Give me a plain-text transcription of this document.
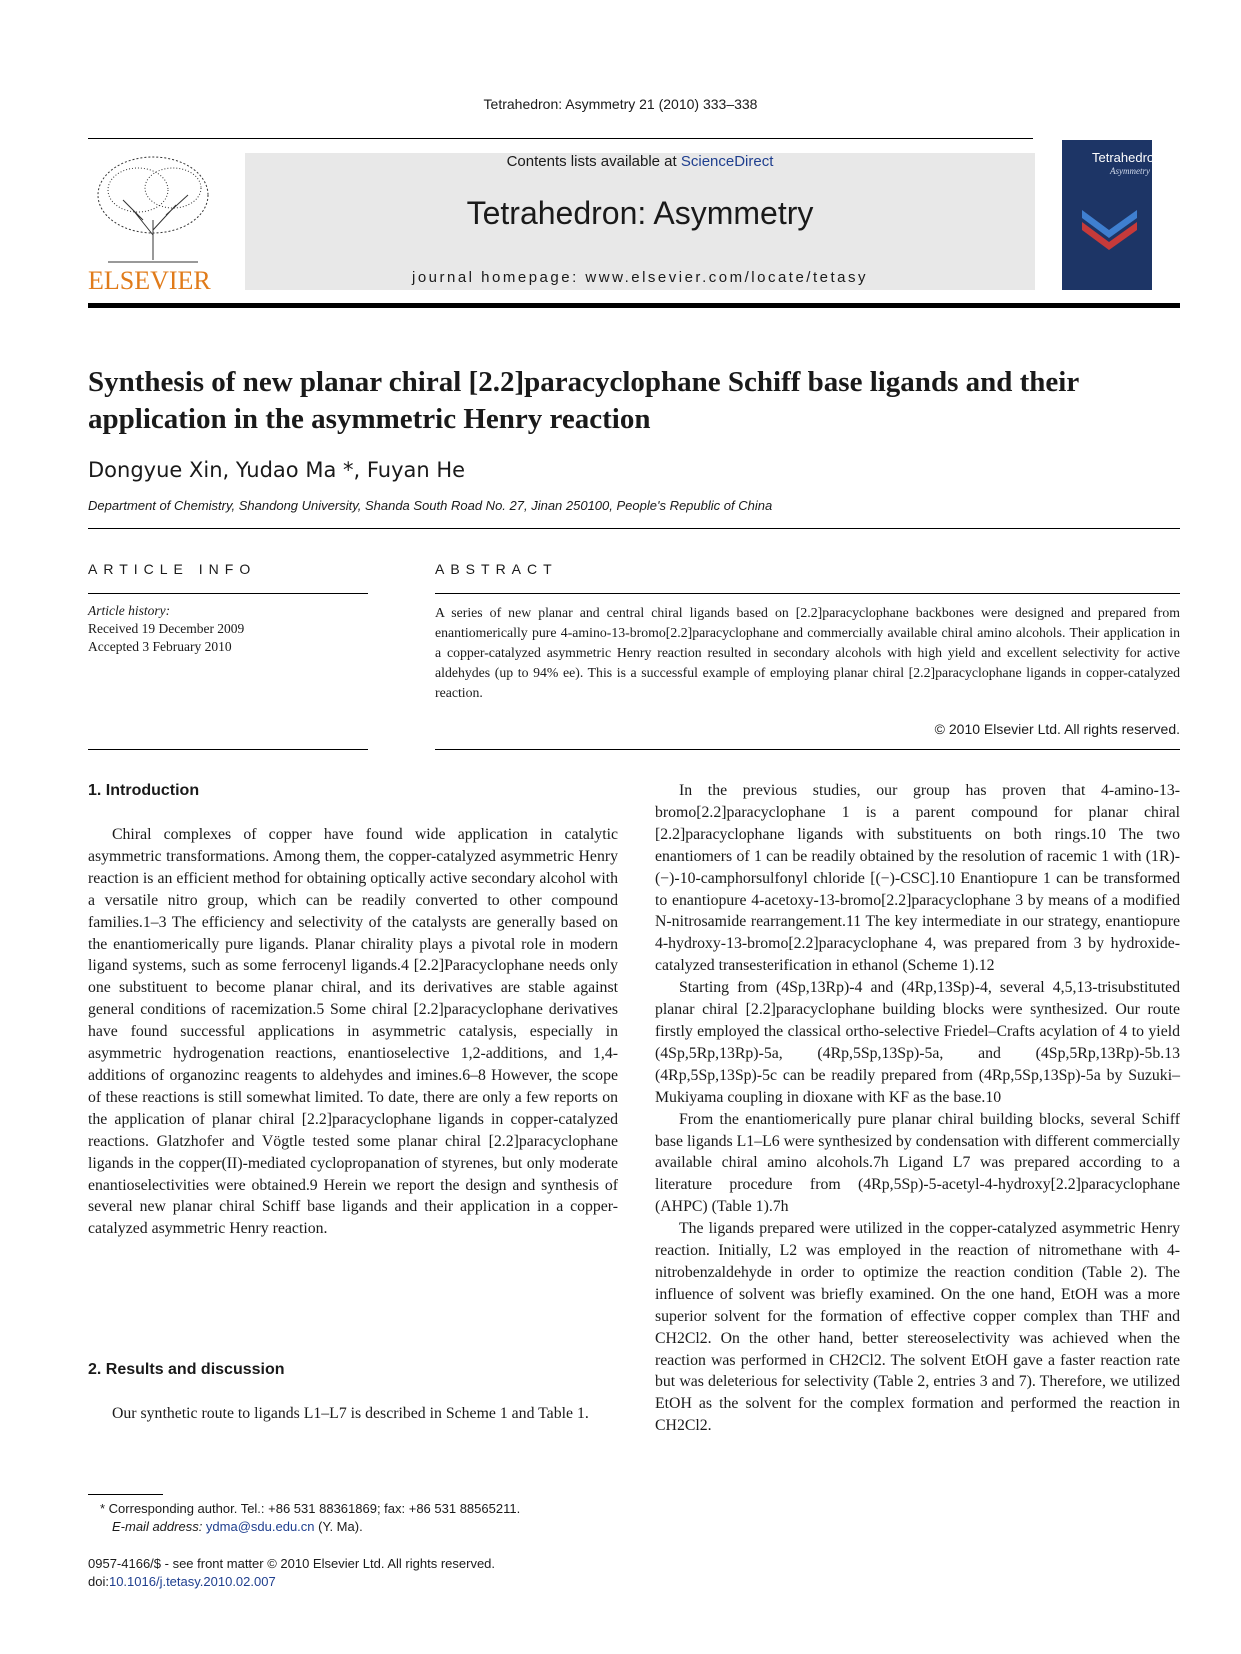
Tetrahedron: Asymmetry 21 (2010) 333–338
ELSEVIER
Contents lists available at ScienceDirect
Tetrahedron: Asymmetry
journal homepage: www.elsevier.com/locate/tetasy
Tetrahedron:
Asymmetry
Synthesis of new planar chiral [2.2]paracyclophane Schiff base ligands and their application in the asymmetric Henry reaction
Dongyue Xin, Yudao Ma *, Fuyan He
Department of Chemistry, Shandong University, Shanda South Road No. 27, Jinan 250100, People's Republic of China
ARTICLE INFO
Article history:
Received 19 December 2009
Accepted 3 February 2010
ABSTRACT
A series of new planar and central chiral ligands based on [2.2]paracyclophane backbones were designed and prepared from enantiomerically pure 4-amino-13-bromo[2.2]paracyclophane and commercially available chiral amino alcohols. Their application in a copper-catalyzed asymmetric Henry reaction resulted in secondary alcohols with high yield and excellent selectivity for active aldehydes (up to 94% ee). This is a successful example of employing planar chiral [2.2]paracyclophane ligands in copper-catalyzed reaction.
© 2010 Elsevier Ltd. All rights reserved.
1. Introduction

Chiral complexes of copper have found wide application in catalytic asymmetric transformations. Among them, the copper-catalyzed asymmetric Henry reaction is an efficient method for obtaining optically active secondary alcohol with a versatile nitro group, which can be readily converted to other compound families.1–3 The efficiency and selectivity of the catalysts are generally based on the enantiomerically pure ligands. Planar chirality plays a pivotal role in modern ligand systems, such as some ferrocenyl ligands.4 [2.2]Paracyclophane needs only one substituent to become planar chiral, and its derivatives are stable against general conditions of racemization.5 Some chiral [2.2]paracyclophane derivatives have found successful applications in asymmetric catalysis, especially in asymmetric hydrogenation reactions, enantioselective 1,2-additions, and 1,4-additions of organozinc reagents to aldehydes and imines.6–8 However, the scope of these reactions is still somewhat limited. To date, there are only a few reports on the application of planar chiral [2.2]paracyclophane ligands in copper-catalyzed reactions. Glatzhofer and Vögtle tested some planar chiral [2.2]paracyclophane ligands in the copper(II)-mediated cyclopropanation of styrenes, but only moderate enantioselectivities were obtained.9 Herein we report the design and synthesis of several new planar chiral Schiff base ligands and their application in a copper-catalyzed asymmetric Henry reaction.

2. Results and discussion

Our synthetic route to ligands L1–L7 is described in Scheme 1 and Table 1.

* Corresponding author. Tel.: +86 531 88361869; fax: +86 531 88565211.
E-mail address: ydma@sdu.edu.cn (Y. Ma).
0957-4166/$ - see front matter © 2010 Elsevier Ltd. All rights reserved.
doi:10.1016/j.tetasy.2010.02.007

In the previous studies, our group has proven that 4-amino-13-bromo[2.2]paracyclophane 1 is a parent compound for planar chiral [2.2]paracyclophane ligands with substituents on both rings.10 The two enantiomers of 1 can be readily obtained by the resolution of racemic 1 with (1R)-(−)-10-camphorsulfonyl chloride [(−)-CSC].10 Enantiopure 1 can be transformed to enantiopure 4-acetoxy-13-bromo[2.2]paracyclophane 3 by means of a modified N-nitrosamide rearrangement.11 The key intermediate in our strategy, enantiopure 4-hydroxy-13-bromo[2.2]paracyclophane 4, was prepared from 3 by hydroxide-catalyzed transesterification in ethanol (Scheme 1).12

Starting from (4Sp,13Rp)-4 and (4Rp,13Sp)-4, several 4,5,13-trisubstituted planar chiral [2.2]paracyclophane building blocks were synthesized. Our route firstly employed the classical ortho-selective Friedel–Crafts acylation of 4 to yield (4Sp,5Rp,13Rp)-5a, (4Rp,5Sp,13Sp)-5a, and (4Sp,5Rp,13Rp)-5b.13 (4Rp,5Sp,13Sp)-5c can be readily prepared from (4Rp,5Sp,13Sp)-5a by Suzuki–Mukiyama coupling in dioxane with KF as the base.10

From the enantiomerically pure planar chiral building blocks, several Schiff base ligands L1–L6 were synthesized by condensation with different commercially available chiral amino alcohols.7h Ligand L7 was prepared according to a literature procedure from (4Rp,5Sp)-5-acetyl-4-hydroxy[2.2]paracyclophane (AHPC) (Table 1).7h

The ligands prepared were utilized in the copper-catalyzed asymmetric Henry reaction. Initially, L2 was employed in the reaction of nitromethane with 4-nitrobenzaldehyde in order to optimize the reaction condition (Table 2). The influence of solvent was briefly examined. On the one hand, EtOH was a more superior solvent for the formation of effective copper complex than THF and CH2Cl2. On the other hand, better stereoselectivity was achieved when the reaction was performed in CH2Cl2. The solvent EtOH gave a faster reaction rate but was deleterious for selectivity (Table 2, entries 3 and 7). Therefore, we utilized EtOH as the solvent for the complex formation and performed the reaction in CH2Cl2.
